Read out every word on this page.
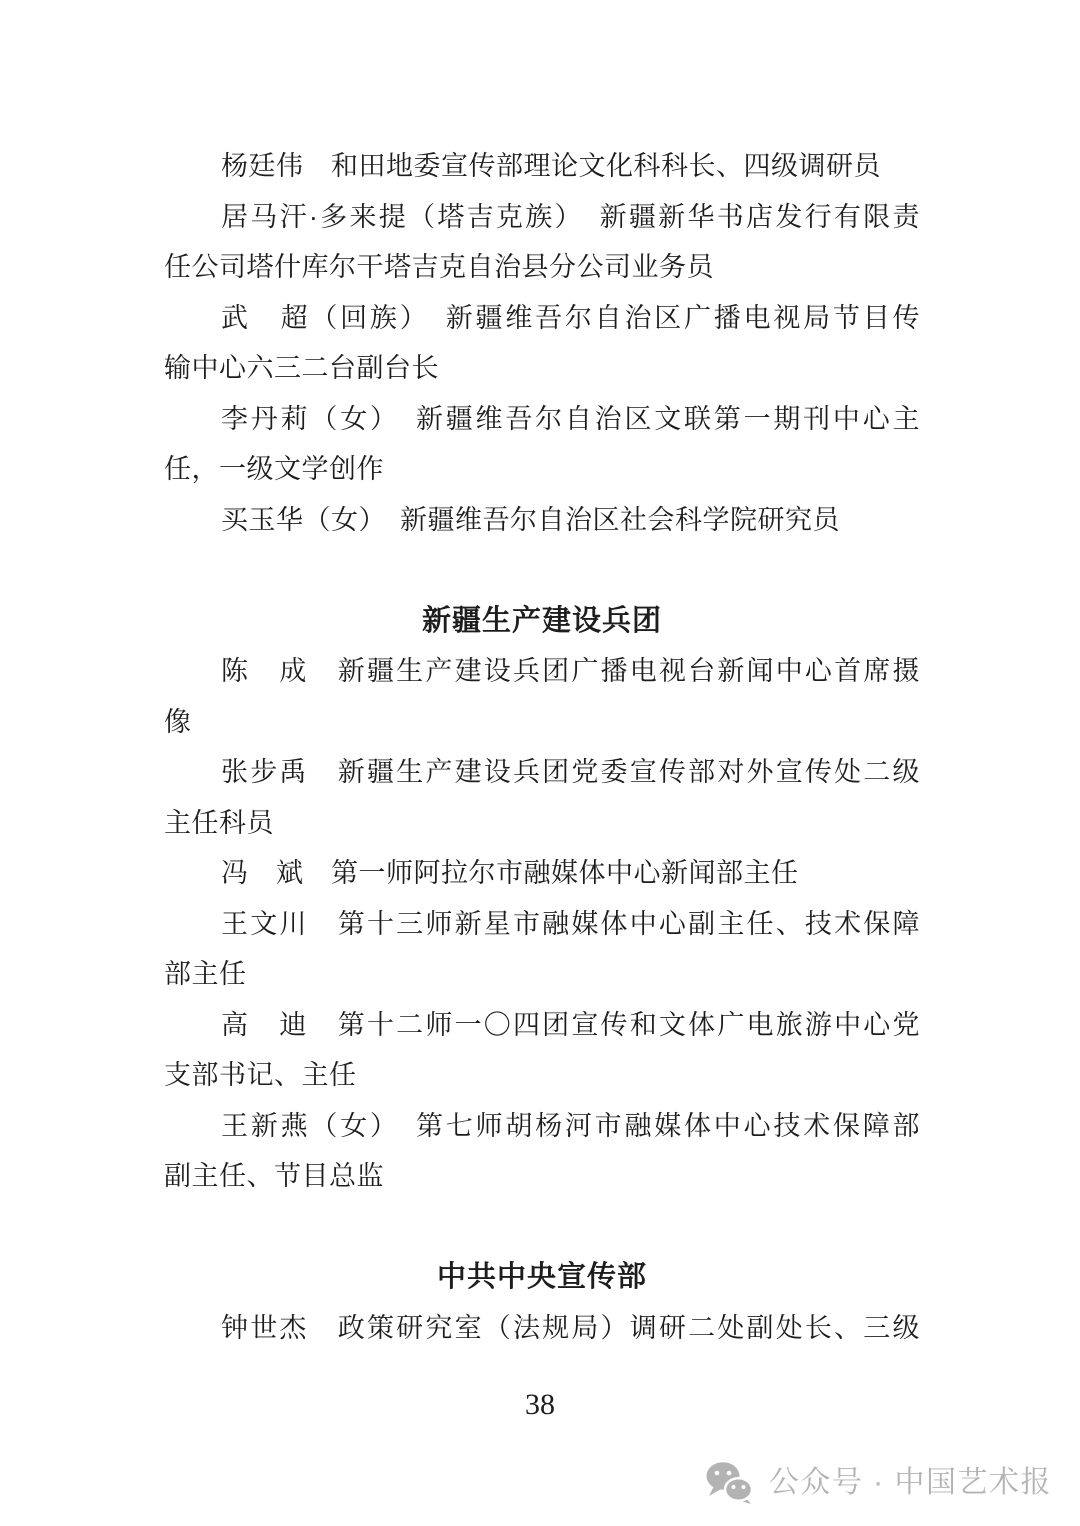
杨廷伟　和田地委宣传部理论文化科科长、四级调研员
居马汗·多来提（塔吉克族）　新疆新华书店发行有限责
任公司塔什库尔干塔吉克自治县分公司业务员
武　超（回族）　新疆维吾尔自治区广播电视局节目传
输中心六三二台副台长
李丹莉（女）　新疆维吾尔自治区文联第一期刊中心主
任，一级文学创作
买玉华（女）　新疆维吾尔自治区社会科学院研究员
新疆生产建设兵团
陈　成　新疆生产建设兵团广播电视台新闻中心首席摄
像
张步禹　新疆生产建设兵团党委宣传部对外宣传处二级
主任科员
冯　斌　第一师阿拉尔市融媒体中心新闻部主任
王文川　第十三师新星市融媒体中心副主任、技术保障
部主任
高　迪　第十二师一〇四团宣传和文体广电旅游中心党
支部书记、主任
王新燕（女）　第七师胡杨河市融媒体中心技术保障部
副主任、节目总监
中共中央宣传部
钟世杰　政策研究室（法规局）调研二处副处长、三级
38
公众号 · 中国艺术报
